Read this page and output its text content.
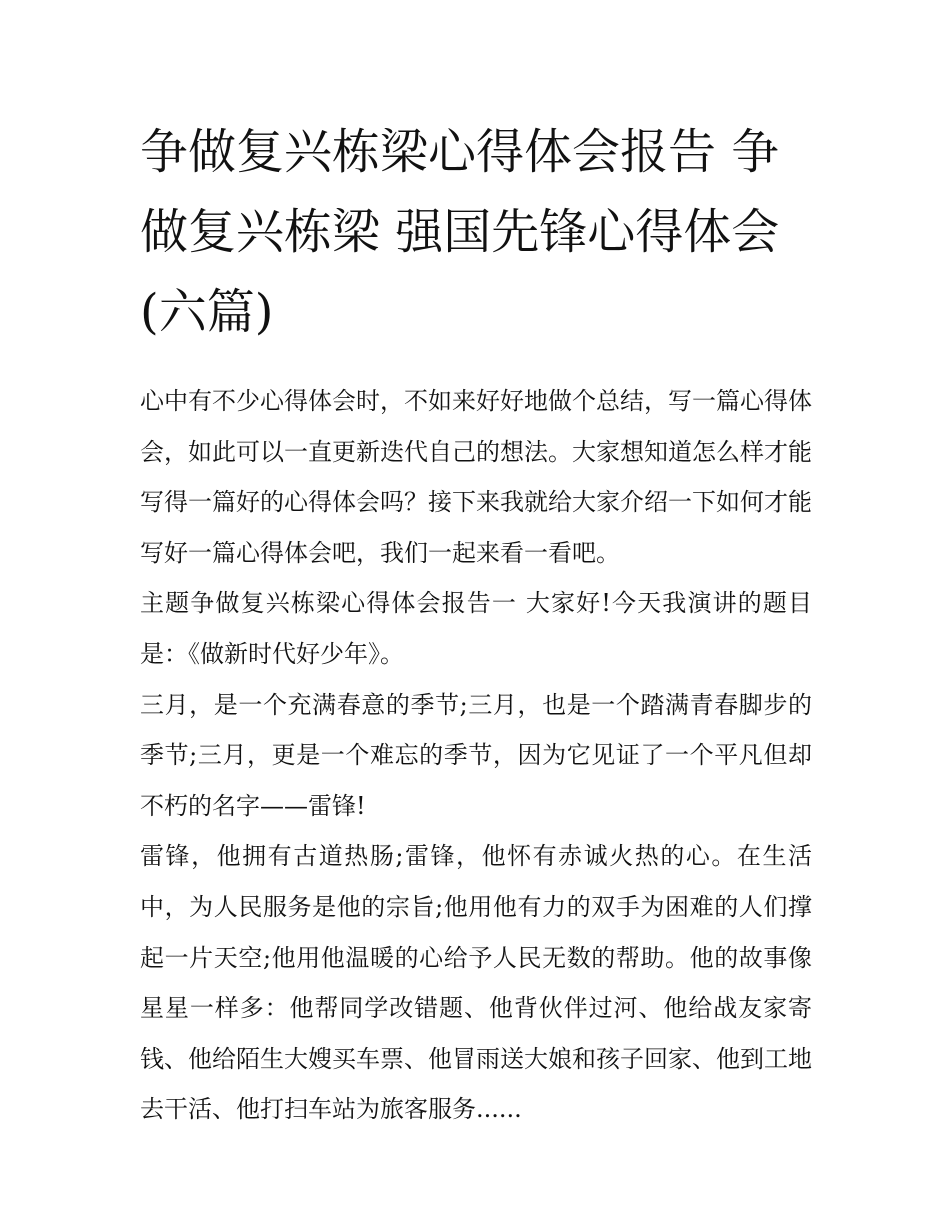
争做复兴栋梁心得体会报告 争做复兴栋梁 强国先锋心得体会(六篇)

心中有不少心得体会时，不如来好好地做个总结，写一篇心得体会，如此可以一直更新迭代自己的想法。大家想知道怎么样才能写得一篇好的心得体会吗？接下来我就给大家介绍一下如何才能写好一篇心得体会吧，我们一起来看一看吧。

主题争做复兴栋梁心得体会报告一 大家好!今天我演讲的题目是：《做新时代好少年》。

三月，是一个充满春意的季节;三月，也是一个踏满青春脚步的季节;三月，更是一个难忘的季节，因为它见证了一个平凡但却不朽的名字——雷锋!

雷锋，他拥有古道热肠;雷锋，他怀有赤诚火热的心。在生活中，为人民服务是他的宗旨;他用他有力的双手为困难的人们撑起一片天空;他用他温暖的心给予人民无数的帮助。他的故事像星星一样多：他帮同学改错题、他背伙伴过河、他给战友家寄钱、他给陌生大嫂买车票、他冒雨送大娘和孩子回家、他到工地去干活、他打扫车站为旅客服务......
